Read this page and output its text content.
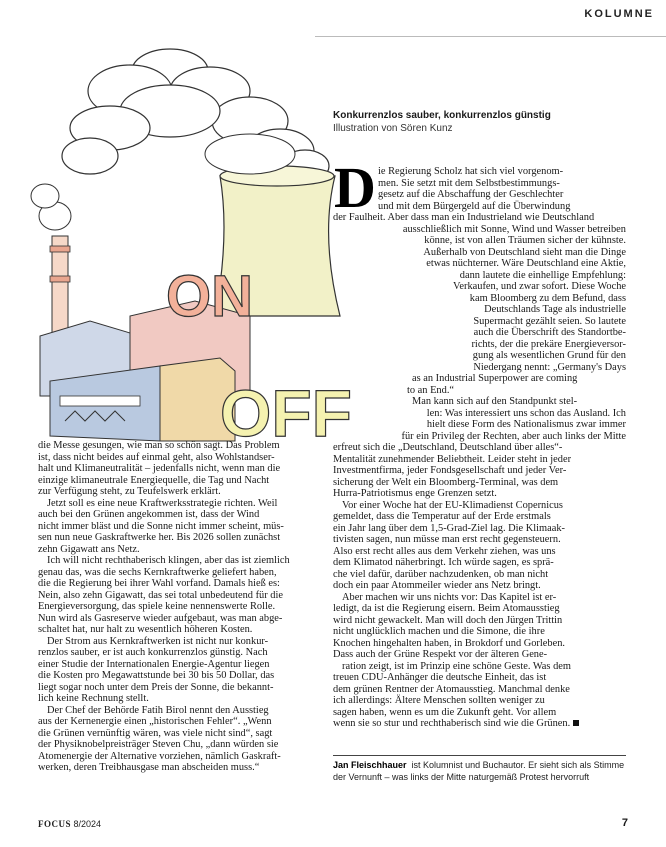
KOLUMNE
ON
OFF
Konkurrenzlos sauber, konkurrenzlos günstig
Illustration von Sören Kunz
D ie Regierung Scholz hat sich viel vorgenom-
men. Sie setzt mit dem Selbstbestimmungs-
gesetz auf die Abschaffung der Geschlechter
und mit dem Bürgergeld auf die Überwindung
der Faulheit. Aber dass man ein Industrieland wie Deutschland
ausschließlich mit Sonne, Wind und Wasser betreiben
könne, ist von allen Träumen sicher der kühnste.
Außerhalb von Deutschland sieht man die Dinge
etwas nüchterner. Wäre Deutschland eine Aktie,
dann lautete die einhellige Empfehlung:
Verkaufen, und zwar sofort. Diese Woche
kam Bloomberg zu dem Befund, dass
Deutschlands Tage als industrielle
Supermacht gezählt seien. So lautete
auch die Überschrift des Standortbe-
richts, der die prekäre Energieversor-
gung als wesentlichen Grund für den
Niedergang nennt: „Germany's Days
as an Industrial Superpower are coming
to an End.“
Man kann sich auf den Standpunkt stel-
len: Was interessiert uns schon das Ausland. Ich
hielt diese Form des Nationalismus zwar immer
für ein Privileg der Rechten, aber auch links der Mitte
erfreut sich die „Deutschland, Deutschland über alles“-
Mentalität zunehmender Beliebtheit. Leider steht in jeder
Investmentfirma, jeder Fondsgesellschaft und jeder Ver-
sicherung der Welt ein Bloomberg-Terminal, was dem
Hurra-Patriotismus enge Grenzen setzt.
Vor einer Woche hat der EU-Klimadienst Copernicus
gemeldet, dass die Temperatur auf der Erde erstmals
ein Jahr lang über dem 1,5-Grad-Ziel lag. Die Klimaak-
tivisten sagen, nun müsse man erst recht gegensteuern.
Also erst recht alles aus dem Verkehr ziehen, was uns
dem Klimatod näherbringt. Ich würde sagen, es sprä-
che viel dafür, darüber nachzudenken, ob man nicht
doch ein paar Atommeiler wieder ans Netz bringt.
Aber machen wir uns nichts vor: Das Kapitel ist er-
ledigt, da ist die Regierung eisern. Beim Atomausstieg
wird nicht gewackelt. Man will doch den Jürgen Trittin
nicht unglücklich machen und die Simone, die ihre
Knochen hingehalten haben, in Brokdorf und Gorleben.
Dass auch der Grüne Respekt vor der älteren Gene-
ration zeigt, ist im Prinzip eine schöne Geste. Was dem
treuen CDU-Anhänger die deutsche Einheit, das ist
dem grünen Rentner der Atomausstieg. Manchmal denke
ich allerdings: Ältere Menschen sollten weniger zu
sagen haben, wenn es um die Zukunft geht. Vor allem
wenn sie so stur und rechthaberisch sind wie die Grünen.
die Messe gesungen, wie man so schön sagt. Das Problem
ist, dass nicht beides auf einmal geht, also Wohlstandser-
halt und Klimaneutralität – jedenfalls nicht, wenn man die
einzige klimaneutrale Energiequelle, die Tag und Nacht
zur Verfügung steht, zu Teufelswerk erklärt.
Jetzt soll es eine neue Kraftwerksstrategie richten. Weil
auch bei den Grünen angekommen ist, dass der Wind
nicht immer bläst und die Sonne nicht immer scheint, müs-
sen nun neue Gaskraftwerke her. Bis 2026 sollen zunächst
zehn Gigawatt ans Netz.
Ich will nicht rechthaberisch klingen, aber das ist ziemlich
genau das, was die sechs Kernkraftwerke geliefert haben,
die die Regierung bei ihrer Wahl vorfand. Damals hieß es:
Nein, also zehn Gigawatt, das sei total unbedeutend für die
Energieversorgung, das spiele keine nennenswerte Rolle.
Nun wird als Gasreserve wieder aufgebaut, was man abge-
schaltet hat, nur halt zu wesentlich höheren Kosten.
Der Strom aus Kernkraftwerken ist nicht nur konkur-
renzlos sauber, er ist auch konkurrenzlos günstig. Nach
einer Studie der Internationalen Energie-Agentur liegen
die Kosten pro Megawattstunde bei 30 bis 50 Dollar, das
liegt sogar noch unter dem Preis der Sonne, die bekannt-
lich keine Rechnung stellt.
Der Chef der Behörde Fatih Birol nennt den Ausstieg
aus der Kernenergie einen „historischen Fehler“. „Wenn
die Grünen vernünftig wären, was viele nicht sind“, sagt
der Physiknobelpreisträger Steven Chu, „dann würden sie
Atomenergie der Alternative vorziehen, nämlich Gaskraft-
werken, deren Treibhausgase man abscheiden muss.“	Jan Fleischhauer ist Kolumnist und Buchautor. Er sieht sich als Stimme
der Vernunft – was links der Mitte naturgemäß Protest hervorruft
FOCUS 8/2024	7
